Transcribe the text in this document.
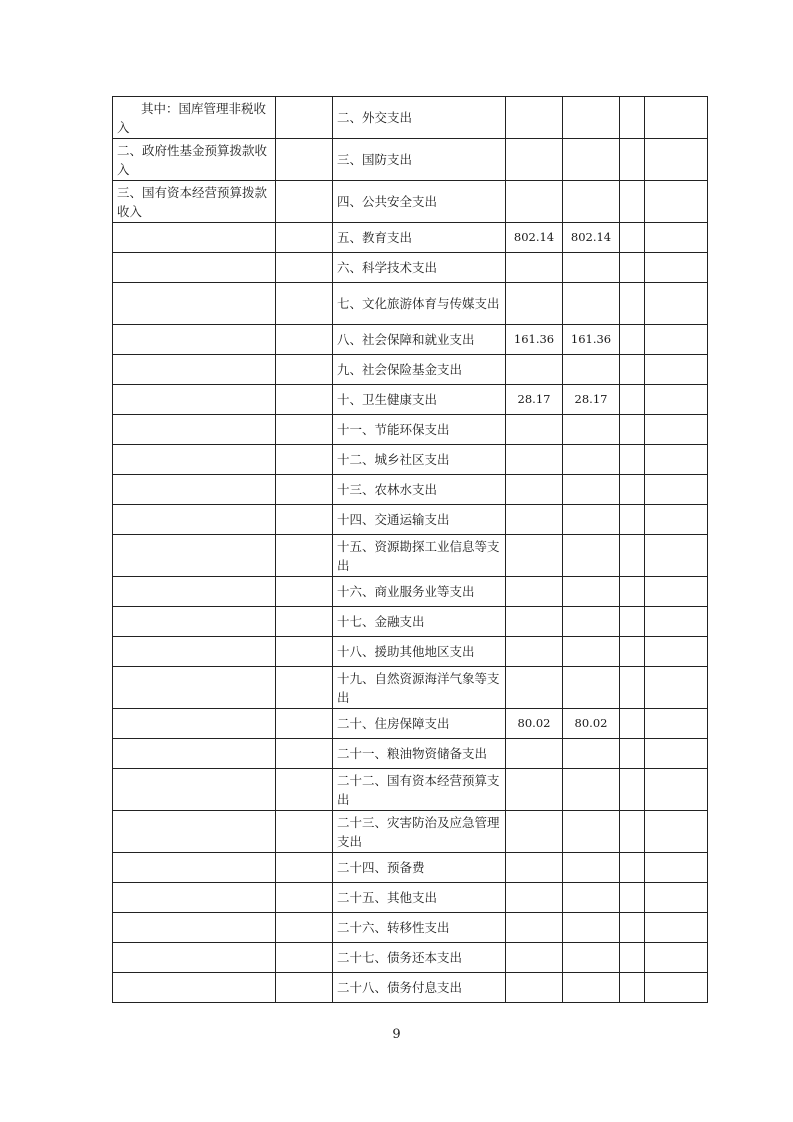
其中：国库管理非税收入		二、外交支出				
二、政府性基金预算拨款收入		三、国防支出				
三、国有资本经营预算拨款收入		四、公共安全支出				
		五、教育支出	802.14	802.14		
		六、科学技术支出				
		七、文化旅游体育与传媒支出				
		八、社会保障和就业支出	161.36	161.36		
		九、社会保险基金支出				
		十、卫生健康支出	28.17	28.17		
		十一、节能环保支出				
		十二、城乡社区支出				
		十三、农林水支出				
		十四、交通运输支出				
		十五、资源勘探工业信息等支出				
		十六、商业服务业等支出				
		十七、金融支出				
		十八、援助其他地区支出				
		十九、自然资源海洋气象等支出				
		二十、住房保障支出	80.02	80.02		
		二十一、粮油物资储备支出				
		二十二、国有资本经营预算支出				
		二十三、灾害防治及应急管理支出				
		二十四、预备费				
		二十五、其他支出				
		二十六、转移性支出				
		二十七、债务还本支出				
		二十八、债务付息支出				
9
